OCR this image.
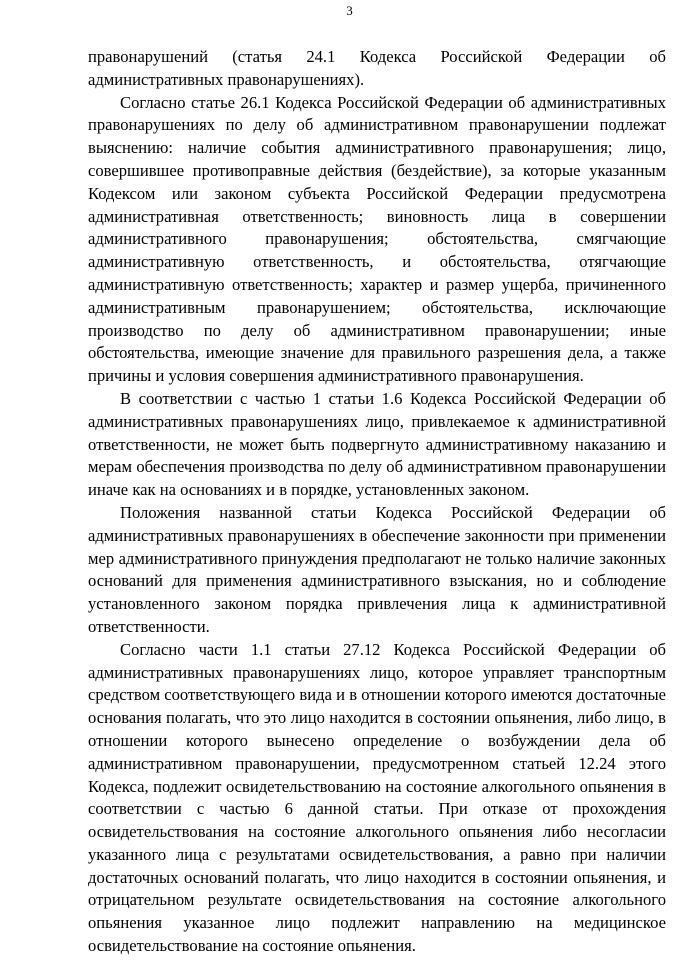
3

правонарушений (статья 24.1 Кодекса Российской Федерации об административных правонарушениях).

Согласно статье 26.1 Кодекса Российской Федерации об административных правонарушениях по делу об административном правонарушении подлежат выяснению: наличие события административного правонарушения; лицо, совершившее противоправные действия (бездействие), за которые указанным Кодексом или законом субъекта Российской Федерации предусмотрена административная ответственность; виновность лица в совершении административного правонарушения; обстоятельства, смягчающие административную ответственность, и обстоятельства, отягчающие административную ответственность; характер и размер ущерба, причиненного административным правонарушением; обстоятельства, исключающие производство по делу об административном правонарушении; иные обстоятельства, имеющие значение для правильного разрешения дела, а также причины и условия совершения административного правонарушения.

В соответствии с частью 1 статьи 1.6 Кодекса Российской Федерации об административных правонарушениях лицо, привлекаемое к административной ответственности, не может быть подвергнуто административному наказанию и мерам обеспечения производства по делу об административном правонарушении иначе как на основаниях и в порядке, установленных законом.

Положения названной статьи Кодекса Российской Федерации об административных правонарушениях в обеспечение законности при применении мер административного принуждения предполагают не только наличие законных оснований для применения административного взыскания, но и соблюдение установленного законом порядка привлечения лица к административной ответственности.

Согласно части 1.1 статьи 27.12 Кодекса Российской Федерации об административных правонарушениях лицо, которое управляет транспортным средством соответствующего вида и в отношении которого имеются достаточные основания полагать, что это лицо находится в состоянии опьянения, либо лицо, в отношении которого вынесено определение о возбуждении дела об административном правонарушении, предусмотренном статьей 12.24 этого Кодекса, подлежит освидетельствованию на состояние алкогольного опьянения в соответствии с частью 6 данной статьи. При отказе от прохождения освидетельствования на состояние алкогольного опьянения либо несогласии указанного лица с результатами освидетельствования, а равно при наличии достаточных оснований полагать, что лицо находится в состоянии опьянения, и отрицательном результате освидетельствования на состояние алкогольного опьянения указанное лицо подлежит направлению на медицинское освидетельствование на состояние опьянения.
